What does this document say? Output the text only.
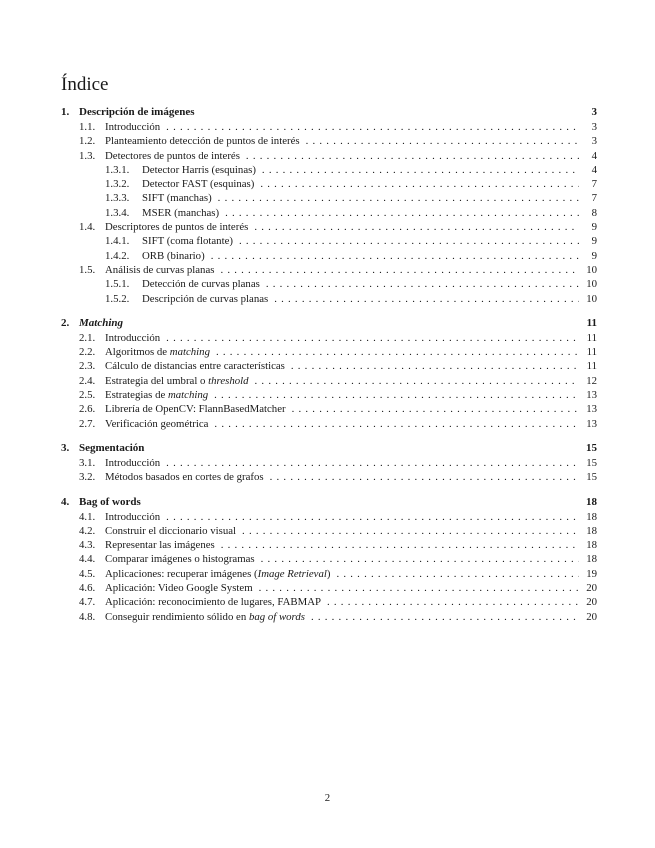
Índice
1. Descripción de imágenes	3
1.1. Introducción . . .	3
1.2. Planteamiento detección de puntos de interés . . .	3
1.3. Detectores de puntos de interés . . .	4
1.3.1.	Detector Harris (esquinas) . . .	4
1.3.2.	Detector FAST (esquinas) . . .	7
1.3.3.	SIFT (manchas) . . .	7
1.3.4.	MSER (manchas) . . .	8
1.4. Descriptores de puntos de interés . . .	9
1.4.1.	SIFT (coma flotante) . . .	9
1.4.2.	ORB (binario) . . .	9
1.5. Análisis de curvas planas . . .	10
1.5.1.	Detección de curvas planas . . .	10
1.5.2.	Descripción de curvas planas . . .	10
2. Matching	11
2.1. Introducción . . .	11
2.2. Algoritmos de matching . . .	11
2.3. Cálculo de distancias entre características . . .	11
2.4. Estrategia del umbral o threshold . . .	12
2.5. Estrategias de matching . . .	13
2.6. Librería de OpenCV: FlannBasedMatcher . . .	13
2.7. Verificación geométrica . . .	13
3. Segmentación	15
3.1. Introducción . . .	15
3.2. Métodos basados en cortes de grafos . . .	15
4. Bag of words	18
4.1. Introducción . . .	18
4.2. Construir el diccionario visual . . .	18
4.3. Representar las imágenes . . .	18
4.4. Comparar imágenes o histogramas . . .	18
4.5. Aplicaciones: recuperar imágenes (Image Retrieval) . . .	19
4.6. Aplicación: Video Google System . . .	20
4.7. Aplicación: reconocimiento de lugares, FABMAP . . .	20
4.8. Conseguir rendimiento sólido en bag of words . . .	20
2
